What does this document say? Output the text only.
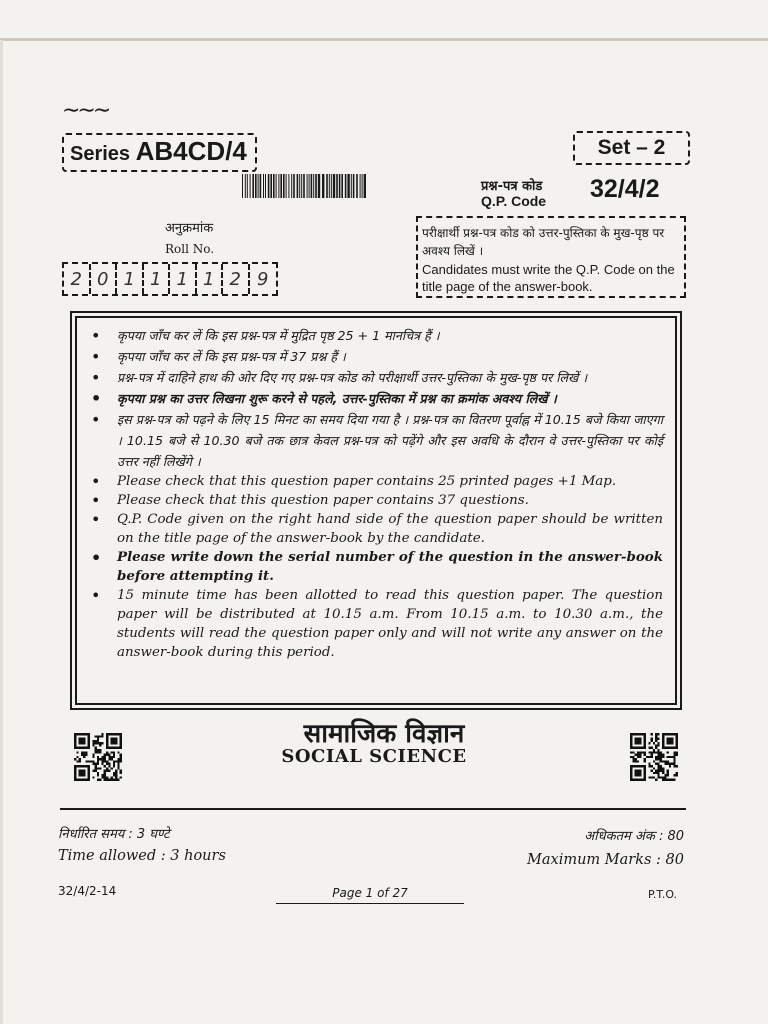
∼∼∼
Series AB4CD/4	Set – 2
प्रश्न-पत्र कोड
Q.P. Code 32/4/2
अनुक्रमांक
Roll No.
2 0 1 1 1 1 2 9
परीक्षार्थी प्रश्न-पत्र कोड को उत्तर-पुस्तिका के मुख-पृष्ठ पर अवश्य लिखें ।
Candidates must write the Q.P. Code on the title page of the answer-book.
• कृपया जाँच कर लें कि इस प्रश्न-पत्र में मुद्रित पृष्ठ 25 + 1 मानचित्र हैं ।
• कृपया जाँच कर लें कि इस प्रश्न-पत्र में 37 प्रश्न हैं ।
• प्रश्न-पत्र में दाहिने हाथ की ओर दिए गए प्रश्न-पत्र कोड को परीक्षार्थी उत्तर-पुस्तिका के मुख-पृष्ठ पर लिखें ।
• कृपया प्रश्न का उत्तर लिखना शुरू करने से पहले, उत्तर-पुस्तिका में प्रश्न का क्रमांक अवश्य लिखें ।
• इस प्रश्न-पत्र को पढ़ने के लिए 15 मिनट का समय दिया गया है । प्रश्न-पत्र का वितरण पूर्वाह्न में 10.15 बजे किया जाएगा । 10.15 बजे से 10.30 बजे तक छात्र केवल प्रश्न-पत्र को पढ़ेंगे और इस अवधि के दौरान वे उत्तर-पुस्तिका पर कोई उत्तर नहीं लिखेंगे ।
• Please check that this question paper contains 25 printed pages +1 Map.
• Please check that this question paper contains 37 questions.
• Q.P. Code given on the right hand side of the question paper should be written on the title page of the answer-book by the candidate.
• Please write down the serial number of the question in the answer-book before attempting it.
• 15 minute time has been allotted to read this question paper. The question paper will be distributed at 10.15 a.m. From 10.15 a.m. to 10.30 a.m., the students will read the question paper only and will not write any answer on the answer-book during this period.
सामाजिक विज्ञान
SOCIAL SCIENCE
निर्धारित समय : 3 घण्टे
Time allowed : 3 hours
अधिकतम अंक : 80
Maximum Marks : 80
32/4/2-14	Page 1 of 27	P.T.O.
